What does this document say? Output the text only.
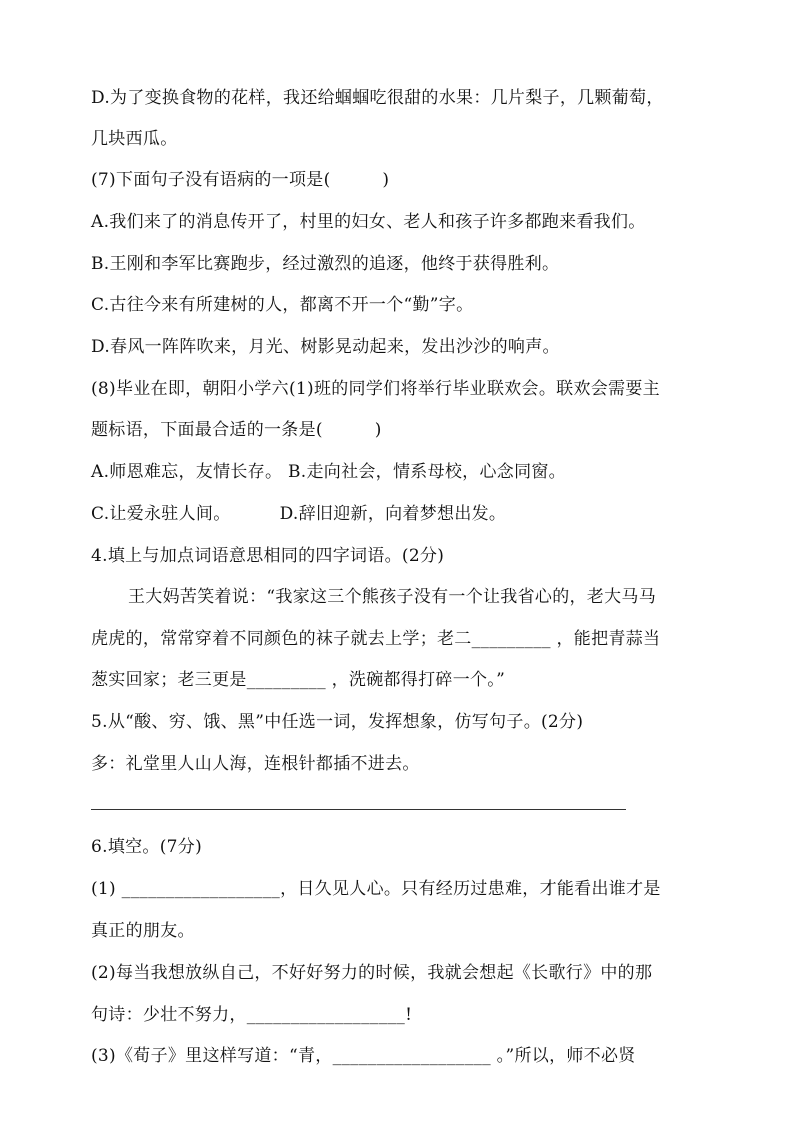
D.为了变换食物的花样，我还给蝈蝈吃很甜的水果：几片梨子，几颗葡萄，
几块西瓜。
(7)下面句子没有语病的一项是(　　　)
A.我们来了的消息传开了，村里的妇女、老人和孩子许多都跑来看我们。
B.王刚和李军比赛跑步，经过激烈的追逐，他终于获得胜利。
C.古往今来有所建树的人，都离不开一个“勤”字。
D.春风一阵阵吹来，月光、树影晃动起来，发出沙沙的响声。
(8)毕业在即，朝阳小学六(1)班的同学们将举行毕业联欢会。联欢会需要主
题标语，下面最合适的一条是(　　　)
A.师恩难忘，友情长存。 B.走向社会，情系母校，心念同窗。
C.让爱永驻人间。　　　 D.辞旧迎新，向着梦想出发。
4.填上与加点词语意思相同的四字词语。(2分)
王大妈苦笑着说：“我家这三个熊孩子没有一个让我省心的，老大马马
虎虎的，常常穿着不同颜色的袜子就去上学；老二_________ ，能把青蒜当
葱实回家；老三更是_________ ，洗碗都得打碎一个。”
5.从“酸、穷、饿、黑”中任选一词，发挥想象，仿写句子。(2分)
多：礼堂里人山人海，连根针都插不进去。
6.填空。(7分)
(1) __________________，日久见人心。只有经历过患难，才能看出谁才是
真正的朋友。
(2)每当我想放纵自己，不好好努力的时候，我就会想起《长歌行》中的那
句诗：少壮不努力，__________________!
(3)《荀子》里这样写道：“青，__________________ 。”所以，师不必贤
